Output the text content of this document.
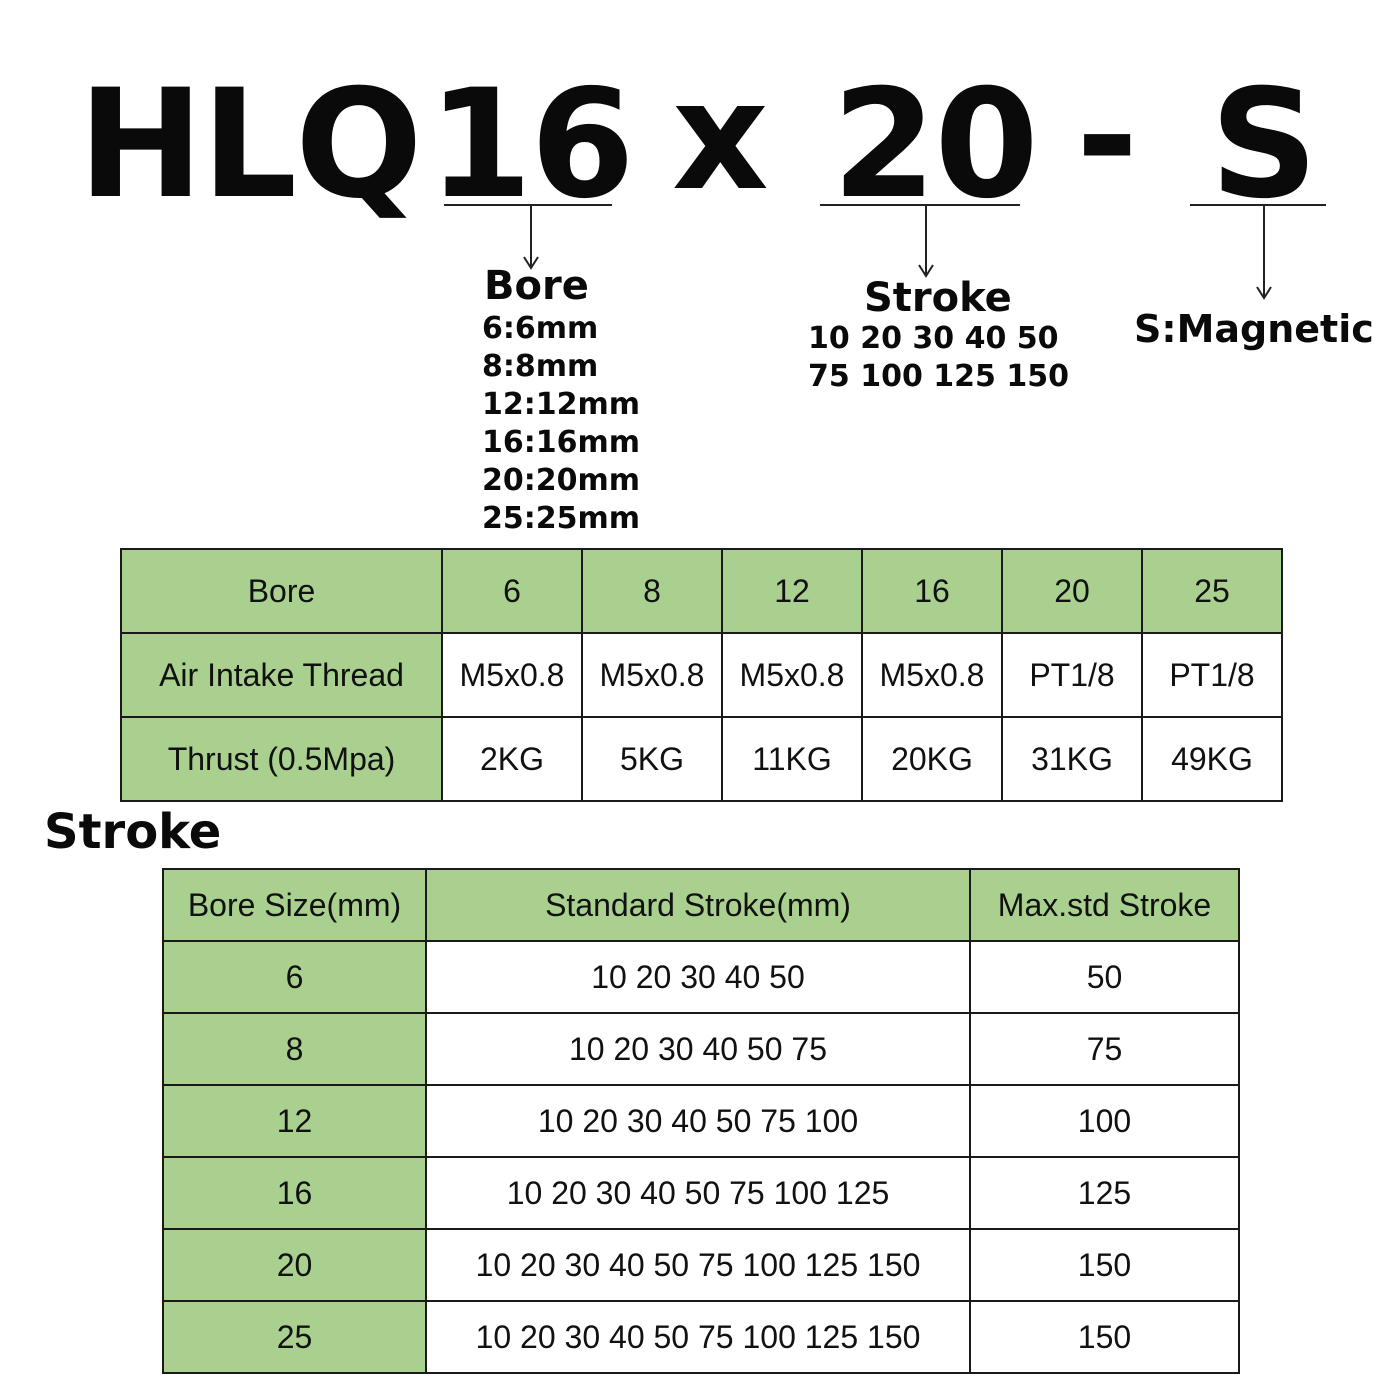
HLQ 16 x 20 - S
Bore
6:6mm
8:8mm
12:12mm
16:16mm
20:20mm
25:25mm
Stroke
10 20 30 40 50
75 100 125 150
S:Magnetic
Bore	6	8	12	16	20	25
Air Intake Thread	M5x0.8	M5x0.8	M5x0.8	M5x0.8	PT1/8	PT1/8
Thrust (0.5Mpa)	2KG	5KG	11KG	20KG	31KG	49KG
Stroke
Bore Size(mm)	Standard Stroke(mm)	Max.std Stroke
6	10 20 30 40 50	50
8	10 20 30 40 50 75	75
12	10 20 30 40 50 75 100	100
16	10 20 30 40 50 75 100 125	125
20	10 20 30 40 50 75 100 125 150	150
25	10 20 30 40 50 75 100 125 150	150
